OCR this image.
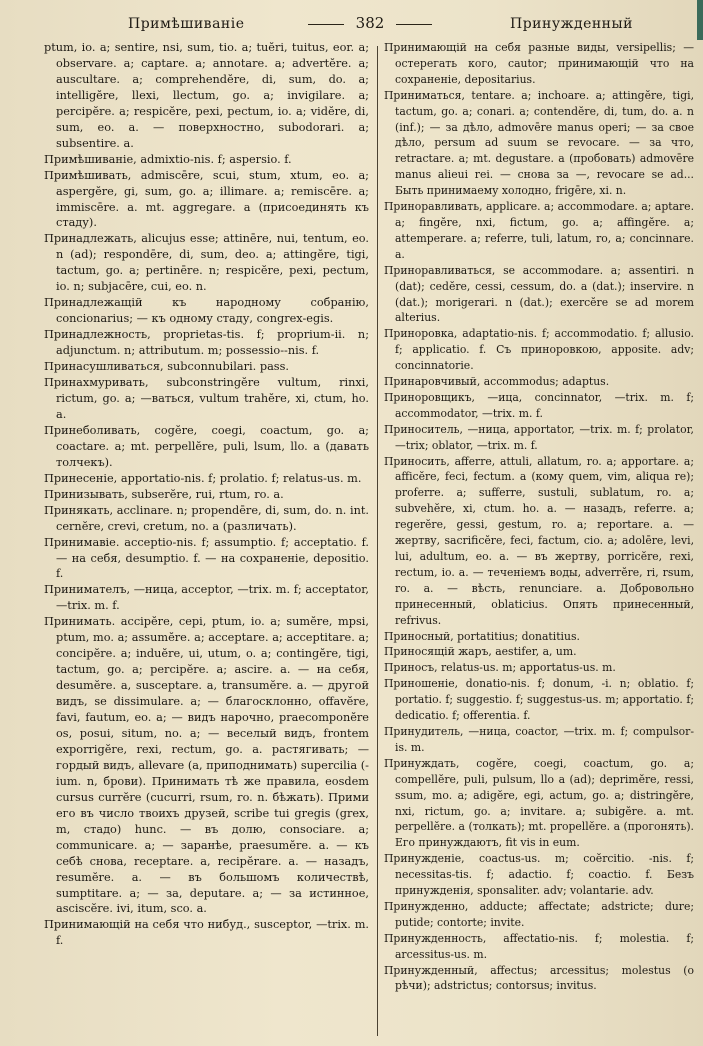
Примѣшиваніе	382	Принужденный

ptum, io. a; sentire, nsi, sum, tio. a; tuĕri, tuitus, eor. a; observare. a; captare. a; annotare. a; advertĕre. a; auscultare. a; comprehendĕre, di, sum, do. a; intelligĕre, llexi, llectum, go. a; invigilare. a; percipĕre. a; respicĕre, pexi, pectum, io. a; vidĕre, di, sum, eo. a. — поверхностно, subodorari. a; subsentire. a.

Примѣшиваніе, admixtio-nis. f; aspersio. f.

Примѣшивать, admiscēre, scui, stum, xtum, eo. a; aspergĕre, gi, sum, go. a; illimare. a; remiscēre. a; immiscēre. a. mt. aggregare. a (присоединять къ стаду).

Принадлежать, alicujus esse; attinēre, nui, tentum, eo. n (ad); respondēre, di, sum, deo. a; attingĕre, tigi, tactum, go. a; pertinēre. n; respicĕre, pexi, pectum, io. n; subjacēre, cui, eo. n.

Принадлежащій къ народному собранію, concionarius; — къ одному стаду, congrex-egis.

Принадлежность, proprietas-tis. f; proprium-ii. n; adjunctum. n; attributum. m; possessio--nis. f.

Принасушливаться, subconnubilari. pass.

Принахмуривать, subconstringĕre vultum, rinxi, rictum, go. a; —ваться, vultum trahĕre, xi, ctum, ho. a.

Принеболивать, cogĕre, coegi, coactum, go. a; coactare. a; mt. perpellĕre, puli, lsum, llo. a (давать толчекъ).

Принесеніе, apportatio-nis. f; prolatio. f; relatus-us. m.

Принизывать, subserĕre, rui, rtum, ro. a.

Принякать, acclinare. n; propendēre, di, sum, do. n. int. cernĕre, crevi, cretum, no. a (различать).

Принимавіе. acceptio-nis. f; assumptio. f; acceptatio. f. — на себя, desumptio. f. — на сохраненіе, depositio. f.

Принимателъ, —ница, acceptor, —trix. m. f; acceptator, —trix. m. f.

Принимать. accipĕre, cepi, ptum, io. a; sumĕre, mpsi, ptum, mo. a; assumĕre. a; acceptare. a; acceptitare. a; concipĕre. a; induĕre, ui, utum, o. a; contingĕre, tigi, tactum, go. a; percipĕre. a; ascire. a. — на себя, desumĕre. a, susceptare. a, transumĕre. a. — другой видъ, se dissimulare. a; — благосклонно, offavĕre, favi, fautum, eo. a; — видъ нарочно, praecomponĕre os, posui, situm, no. a; — веселый видъ, frontem exporrigĕre, rexi, rectum, go. a. растягивать; — гордый видъ, allevare (a, приподнимать) supercilia (-ium. n, брови). Принимать тѣ же правила, eosdem cursus currĕre (cucurri, rsum, ro. n. бѣжать). Прими его въ число твоихъ друзей, scribe tui gregis (grex, m, стадо) hunc. — въ долю, consociare. a; communicare. a; — заранѣе, praesumĕre. a. — къ себѣ снова, receptare. a, recipĕrare. a. — назадъ, resumĕre. a. — въ большомъ количествѣ, sumptitare. a; — за, deputare. a; — за истинное, asciscĕre. ivi, itum, sco. a.

Принимающій на себя что нибуд., susceptor, —trix. m. f.

Принимающій на себя разные виды, versipellis; — остерегать кого, cautor; принимающій что на сохраненіе, depositarius.

Приниматься, tentare. a; inchoare. a; attingĕre, tigi, tactum, go. a; conari. a; contendĕre, di, tum, do. a. n (inf.); — за дѣло, admovēre manus operi; — за свое дѣло, persum ad suum se revocare. — за что, retractare. a; mt. degustare. a (пробовать) admovēre manus alieui rei. — снова за —, revocare se ad... Быть принимаему холодно, frigēre, xi. n.

Приноравливать, applicare. a; accommodare. a; aptare. a; fingĕre, nxi, fictum, go. a; affingĕre. a; attemperare. a; referre, tuli, latum, ro, a; concinnare. a.

Приноравливаться, se accommodare. a; assentiri. n (dat); cedĕre, cessi, cessum, do. a (dat.); inservire. n (dat.); morigerari. n (dat.); exercĕre se ad morem alterius.

Приноровка, adaptatio-nis. f; accommodatio. f; allusio. f; applicatio. f. Съ приноровкою, apposite. adv; concinnatorie.

Принаровчивый, accommodus; adaptus.

Приноровщикъ, —ица, concinnator, —trix. m. f; accommodator, —trix. m. f.

Приноситель, —ница, apportator, —trix. m. f; prolator, —trix; oblator, —trix. m. f.

Приносить, afferre, attuli, allatum, ro. a; apportare. a; afficĕre, feci, fectum. a (кому quem, vim, aliqua re); proferre. a; sufferre, sustuli, sublatum, ro. a; subvehĕre, xi, ctum. ho. a. — назадъ, referre. a; regerĕre, gessi, gestum, ro. a; reportare. a. — жертву, sacrificĕre, feci, factum, cio. a; adolēre, levi, lui, adultum, eo. a. — въ жертву, porricĕre, rexi, rectum, io. a. — теченіемъ воды, adverrĕre, ri, rsum, ro. a. — вѣсть, renunciare. a. Добровольно принесенный, oblaticius. Опять принесенный, refrivus.

Приносный, portatitius; donatitius.

Приносящій жаръ, aestifer, a, um.

Приносъ, relatus-us. m; apportatus-us. m.

Приношеніе, donatio-nis. f; donum, -i. n; oblatio. f; portatio. f; suggestio. f; suggestus-us. m; apportatio. f; dedicatio. f; offerentia. f.

Принудитель, —ница, coactor, —trix. m. f; compulsor-is. m.

Принуждать, cogĕre, coegi, coactum, go. a; compellĕre, puli, pulsum, llo a (ad); deprimĕre, ressi, ssum, mo. a; adigĕre, egi, actum, go. a; distringĕre, nxi, rictum, go. a; invitare. a; subigĕre. a. mt. perpellĕre. a (толкать); mt. propellĕre. a (прогонять). Его принуждаютъ, fit vis in eum.

Принужденіе, coactus-us. m; coĕrcitio. -nis. f; necessitas-tis. f; adactio. f; coactio. f. Безъ принужденія, sponsaliter. adv; volantarie. adv.

Принужденно, adducte; affectate; adstricte; dure; putide; contorte; invite.

Принужденность, affectatio-nis. f; molestia. f; arcessitus-us. m.

Принужденный, affectus; arcessitus; molestus (o рѣчи); adstrictus; contorsus; invitus.
